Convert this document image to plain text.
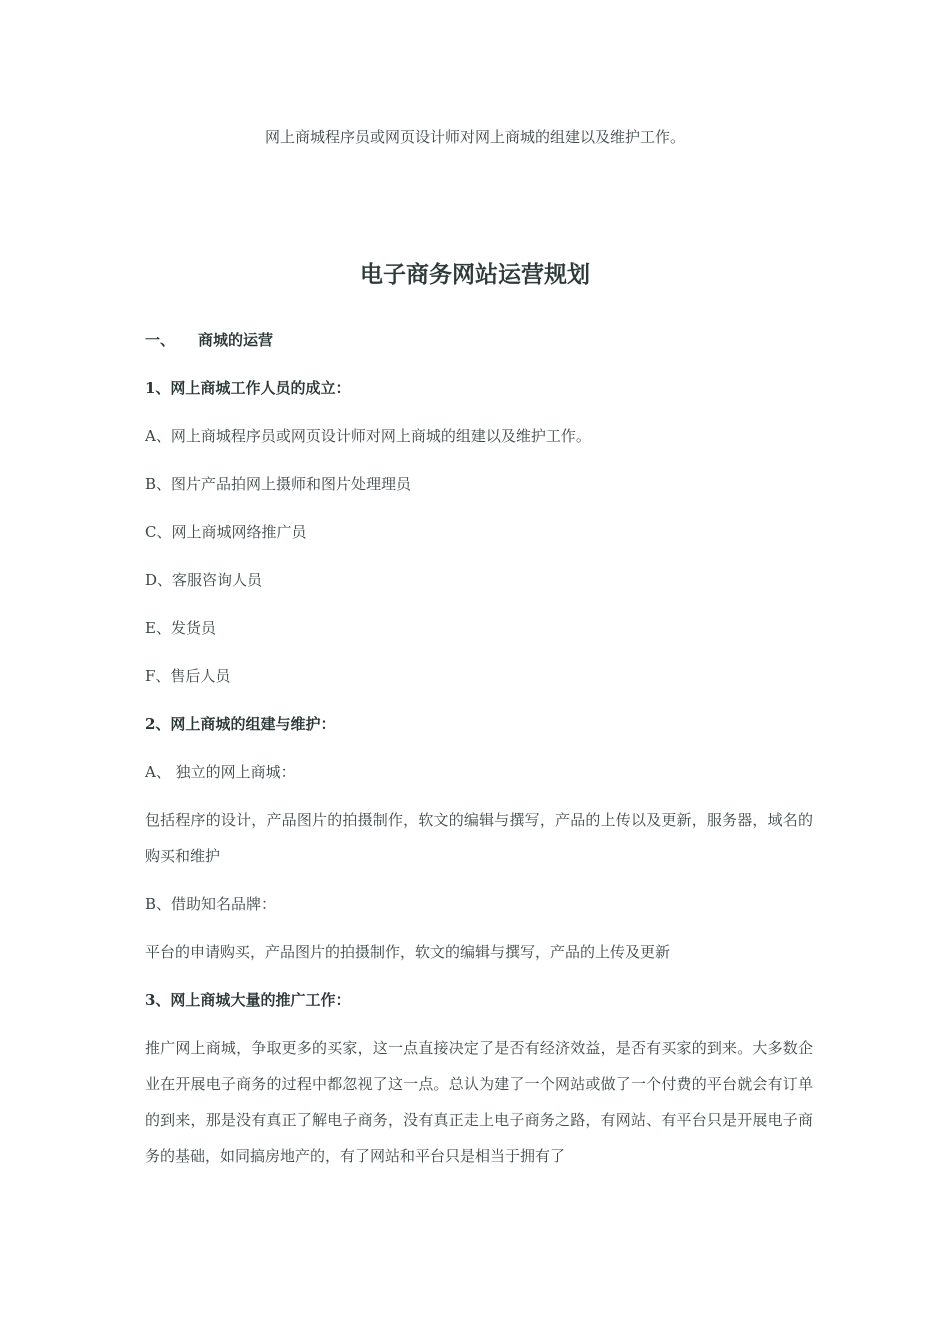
网上商城程序员或网页设计师对网上商城的组建以及维护工作。
电子商务网站运营规划

一、 商城的运营

1、网上商城工作人员的成立：

A、网上商城程序员或网页设计师对网上商城的组建以及维护工作。

B、图片产品拍网上摄师和图片处理理员

C、网上商城网络推广员

D、客服咨询人员

E、发货员

F、售后人员

2、网上商城的组建与维护：

A、 独立的网上商城：

包括程序的设计，产品图片的拍摄制作，软文的编辑与撰写，产品的上传以及更新，服务器，域名的购买和维护

B、借助知名品牌：

平台的申请购买，产品图片的拍摄制作，软文的编辑与撰写，产品的上传及更新

3、网上商城大量的推广工作：

推广网上商城，争取更多的买家，这一点直接决定了是否有经济效益，是否有买家的到来。大多数企业在开展电子商务的过程中都忽视了这一点。总认为建了一个网站或做了一个付费的平台就会有订单的到来，那是没有真正了解电子商务，没有真正走上电子商务之路，有网站、有平台只是开展电子商务的基础，如同搞房地产的，有了网站和平台只是相当于拥有了
